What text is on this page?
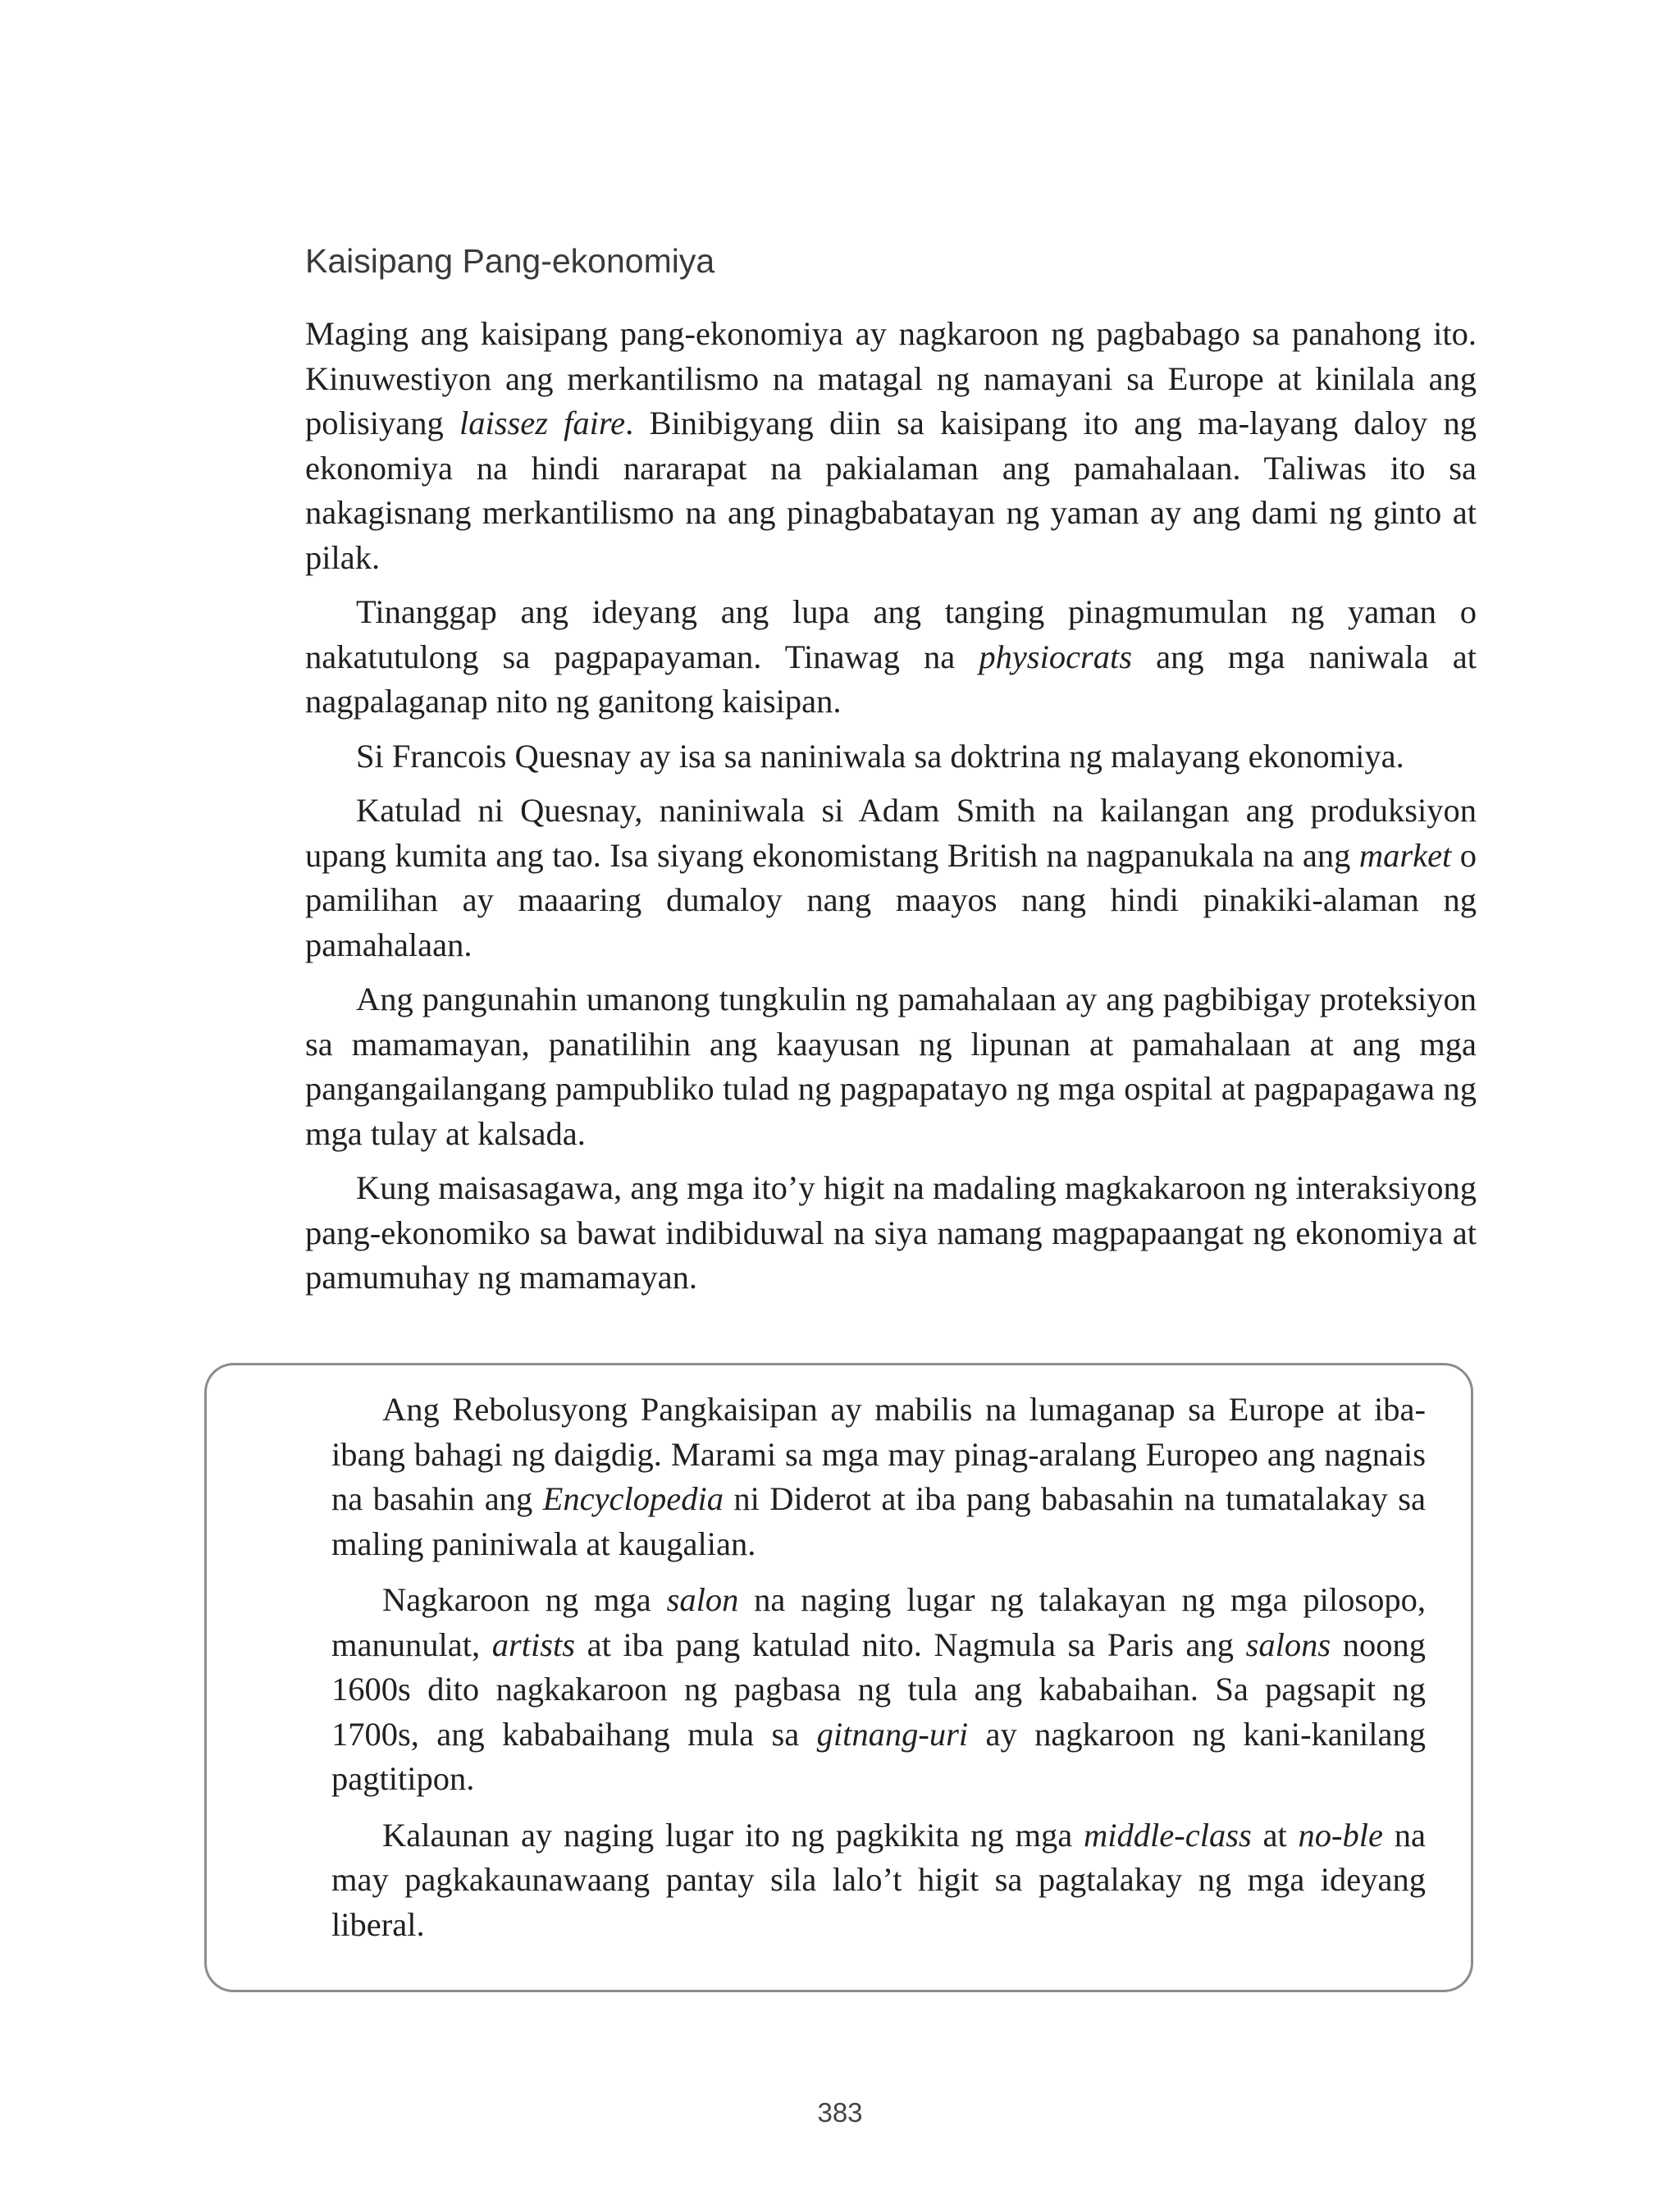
Kaisipang Pang-ekonomiya

Maging ang kaisipang pang-ekonomiya ay nagkaroon ng pagbabago sa panahong ito. Kinuwestiyon ang merkantilismo na matagal ng namayani sa Europe at kinilala ang polisiyang laissez faire. Binibigyang diin sa kaisipang ito ang ma-layang daloy ng ekonomiya na hindi nararapat na pakialaman ang pamahalaan. Taliwas ito sa nakagisnang merkantilismo na ang pinagbabatayan ng yaman ay ang dami ng ginto at pilak.

Tinanggap ang ideyang ang lupa ang tanging pinagmumulan ng yaman o nakatutulong sa pagpapayaman. Tinawag na physiocrats ang mga naniwala at nagpalaganap nito ng ganitong kaisipan.

Si Francois Quesnay ay isa sa naniniwala sa doktrina ng malayang ekonomiya.

Katulad ni Quesnay, naniniwala si Adam Smith na kailangan ang produksiyon upang kumita ang tao. Isa siyang ekonomistang British na nagpanukala na ang market o pamilihan ay maaaring dumaloy nang maayos nang hindi pinakiki-alaman ng pamahalaan.

Ang pangunahin umanong tungkulin ng pamahalaan ay ang pagbibigay proteksiyon sa mamamayan, panatilihin ang kaayusan ng lipunan at pamahalaan at ang mga pangangailangang pampubliko tulad ng pagpapatayo ng mga ospital at pagpapagawa ng mga tulay at kalsada.

Kung maisasagawa, ang mga ito’y higit na madaling magkakaroon ng interaksiyong pang-ekonomiko sa bawat indibiduwal na siya namang magpapaangat ng ekonomiya at pamumuhay ng mamamayan.

Ang Rebolusyong Pangkaisipan ay mabilis na lumaganap sa Europe at iba-ibang bahagi ng daigdig. Marami sa mga may pinag-aralang Europeo ang nagnais na basahin ang Encyclopedia ni Diderot at iba pang babasahin na tumatalakay sa maling paniniwala at kaugalian.

Nagkaroon ng mga salon na naging lugar ng talakayan ng mga pilosopo, manunulat, artists at iba pang katulad nito. Nagmula sa Paris ang salons noong 1600s dito nagkakaroon ng pagbasa ng tula ang kababaihan. Sa pagsapit ng 1700s, ang kababaihang mula sa gitnang-uri ay nagkaroon ng kani-kanilang pagtitipon.

Kalaunan ay naging lugar ito ng pagkikita ng mga middle-class at no-ble na may pagkakaunawaang pantay sila lalo’t higit sa pagtalakay ng mga ideyang liberal.

383
